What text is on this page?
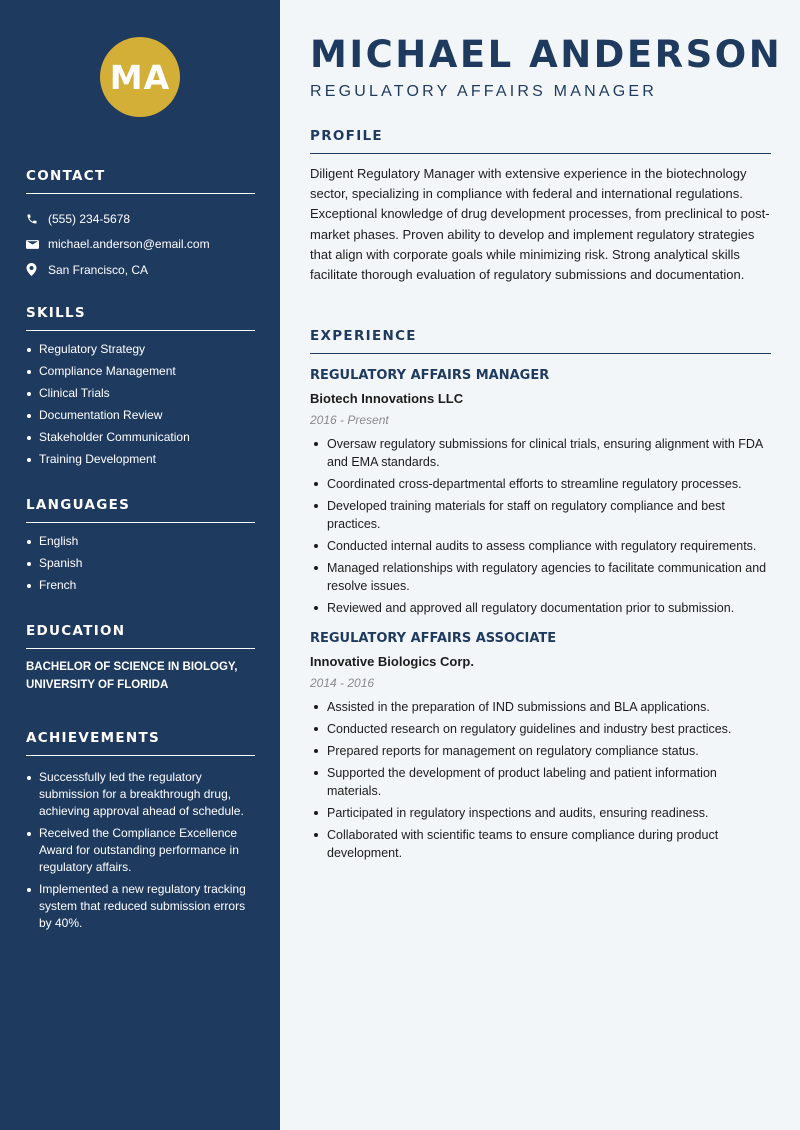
MA
CONTACT
(555) 234-5678
michael.anderson@email.com
San Francisco, CA
SKILLS
Regulatory Strategy
Compliance Management
Clinical Trials
Documentation Review
Stakeholder Communication
Training Development
LANGUAGES
English
Spanish
French
EDUCATION

BACHELOR OF SCIENCE IN BIOLOGY, UNIVERSITY OF FLORIDA

ACHIEVEMENTS
Successfully led the regulatory submission for a breakthrough drug, achieving approval ahead of schedule.
Received the Compliance Excellence Award for outstanding performance in regulatory affairs.
Implemented a new regulatory tracking system that reduced submission errors by 40%.
MICHAEL ANDERSON
REGULATORY AFFAIRS MANAGER
PROFILE

Diligent Regulatory Manager with extensive experience in the biotechnology sector, specializing in compliance with federal and international regulations. Exceptional knowledge of drug development processes, from preclinical to post-market phases. Proven ability to develop and implement regulatory strategies that align with corporate goals while minimizing risk. Strong analytical skills facilitate thorough evaluation of regulatory submissions and documentation.

EXPERIENCE
REGULATORY AFFAIRS MANAGER
Biotech Innovations LLC
2016 - Present
Oversaw regulatory submissions for clinical trials, ensuring alignment with FDA and EMA standards.
Coordinated cross-departmental efforts to streamline regulatory processes.
Developed training materials for staff on regulatory compliance and best practices.
Conducted internal audits to assess compliance with regulatory requirements.
Managed relationships with regulatory agencies to facilitate communication and resolve issues.
Reviewed and approved all regulatory documentation prior to submission.
REGULATORY AFFAIRS ASSOCIATE
Innovative Biologics Corp.
2014 - 2016
Assisted in the preparation of IND submissions and BLA applications.
Conducted research on regulatory guidelines and industry best practices.
Prepared reports for management on regulatory compliance status.
Supported the development of product labeling and patient information materials.
Participated in regulatory inspections and audits, ensuring readiness.
Collaborated with scientific teams to ensure compliance during product development.
